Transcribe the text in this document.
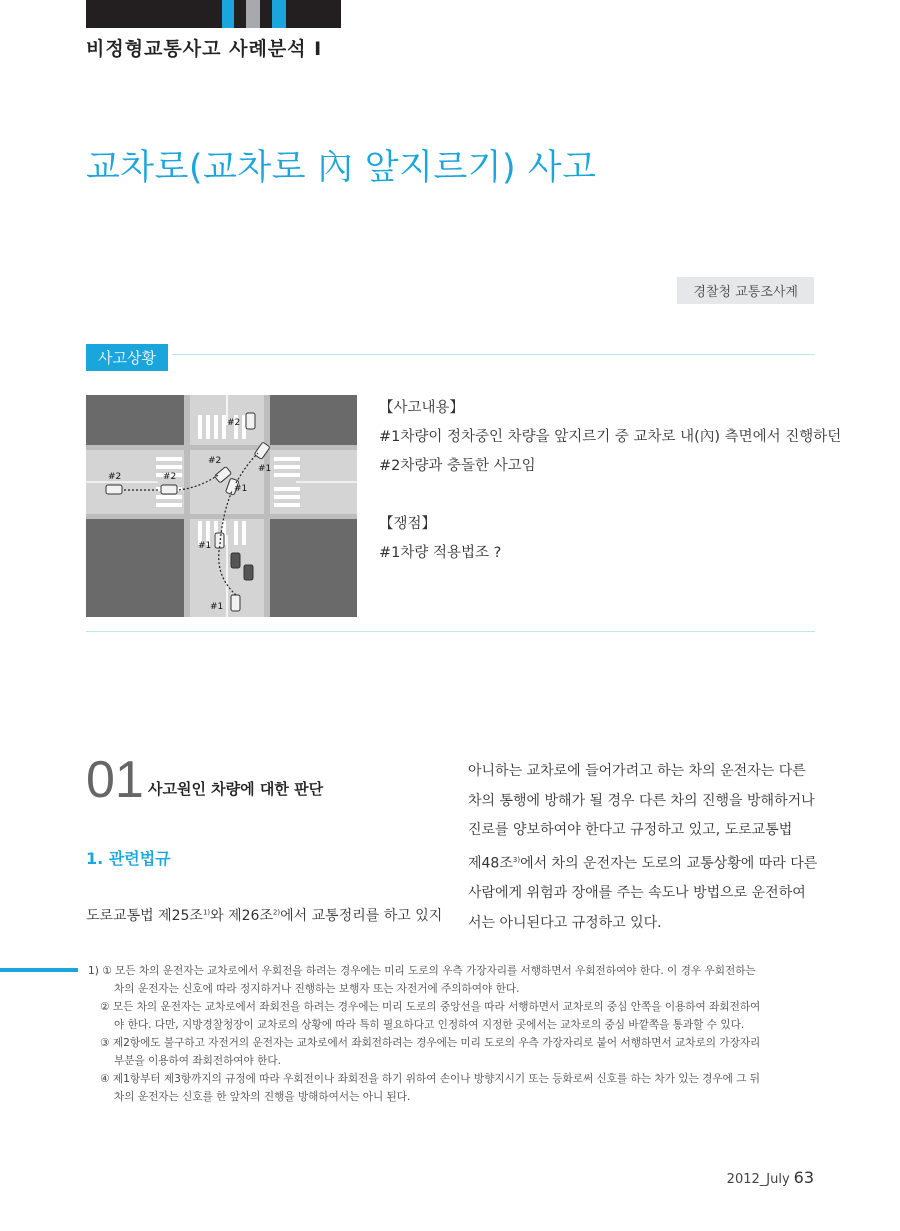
비정형교통사고 사례분석 I
교차로(교차로 內 앞지르기) 사고
경찰청 교통조사계
사고상황
#2
#2
#2	#2
#1
#1
#1
#1
【사고내용】
#1차량이 정차중인 차량을 앞지르기 중 교차로 내(內) 측면에서 진행하던
#2차량과 충돌한 사고임
【쟁점】
#1차량 적용법조 ?
01 사고원인 차량에 대한 판단
1. 관련법규
도로교통법 제25조$^{1)}$와 제26조$^{2)}$에서 교통정리를 하고 있지
아니하는 교차로에 들어가려고 하는 차의 운전자는 다른
차의 통행에 방해가 될 경우 다른 차의 진행을 방해하거나
진로를 양보하여야 한다고 규정하고 있고, 도로교통법
제48조$^{3)}$에서 차의 운전자는 도로의 교통상황에 따라 다른
사람에게 위험과 장애를 주는 속도나 방법으로 운전하여
서는 아니된다고 규정하고 있다.
1) ① 모든 차의 운전자는 교차로에서 우회전을 하려는 경우에는 미리 도로의 우측 가장자리를 서행하면서 우회전하여야 한다. 이 경우 우회전하는
차의 운전자는 신호에 따라 정지하거나 진행하는 보행자 또는 자전거에 주의하여야 한다.
② 모든 차의 운전자는 교차로에서 좌회전을 하려는 경우에는 미리 도로의 중앙선을 따라 서행하면서 교차로의 중심 안쪽을 이용하여 좌회전하여
야 한다. 다만, 지방경찰청장이 교차로의 상황에 따라 특히 필요하다고 인정하여 지정한 곳에서는 교차로의 중심 바깥쪽을 통과할 수 있다.
③ 제2항에도 불구하고 자전거의 운전자는 교차로에서 좌회전하려는 경우에는 미리 도로의 우측 가장자리로 붙어 서행하면서 교차로의 가장자리
부분을 이용하여 좌회전하여야 한다.
④ 제1항부터 제3항까지의 규정에 따라 우회전이나 좌회전을 하기 위하여 손이나 방향지시기 또는 등화로써 신호를 하는 차가 있는 경우에 그 뒤
차의 운전자는 신호를 한 앞차의 진행을 방해하여서는 아니 된다.
2012_July 63
